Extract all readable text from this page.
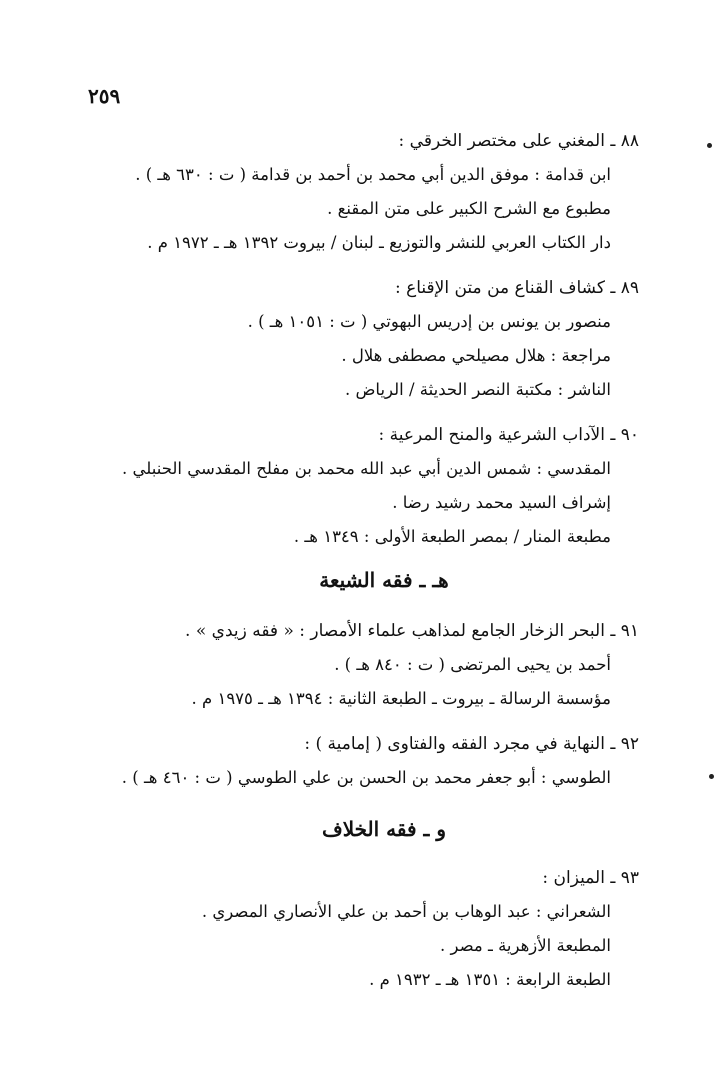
٢٥٩
٨٨ ـ المغني على مختصر الخرقي :
ابن قدامة : موفق الدين أبي محمد بن أحمد بن قدامة ( ت : ٦٣٠ هـ ) .
مطبوع مع الشرح الكبير على متن المقنع .
دار الكتاب العربي للنشر والتوزيع ـ لبنان / بيروت ١٣٩٢ هـ ـ ١٩٧٢ م .
٨٩ ـ كشاف القناع من متن الإقناع :
منصور بن يونس بن إدريس البهوتي ( ت : ١٠٥١ هـ ) .
مراجعة : هلال مصيلحي مصطفى هلال .
الناشر : مكتبة النصر الحديثة / الرياض .
٩٠ ـ الآداب الشرعية والمنح المرعية :
المقدسي : شمس الدين أبي عبد الله محمد بن مفلح المقدسي الحنبلي .
إشراف السيد محمد رشيد رضا .
مطبعة المنار / بمصر الطبعة الأولى : ١٣٤٩ هـ .
هـ ـ فقه الشيعة
٩١ ـ البحر الزخار الجامع لمذاهب علماء الأمصار : « فقه زيدي » .
أحمد بن يحيى المرتضى ( ت : ٨٤٠ هـ ) .
مؤسسة الرسالة ـ بيروت ـ الطبعة الثانية : ١٣٩٤ هـ ـ ١٩٧٥ م .
٩٢ ـ النهاية في مجرد الفقه والفتاوى ( إمامية ) :
الطوسي : أبو جعفر محمد بن الحسن بن علي الطوسي ( ت : ٤٦٠ هـ ) .
و ـ فقه الخلاف
٩٣ ـ الميزان :
الشعراني : عبد الوهاب بن أحمد بن علي الأنصاري المصري .
المطبعة الأزهرية ـ مصر .
الطبعة الرابعة : ١٣٥١ هـ ـ ١٩٣٢ م .
